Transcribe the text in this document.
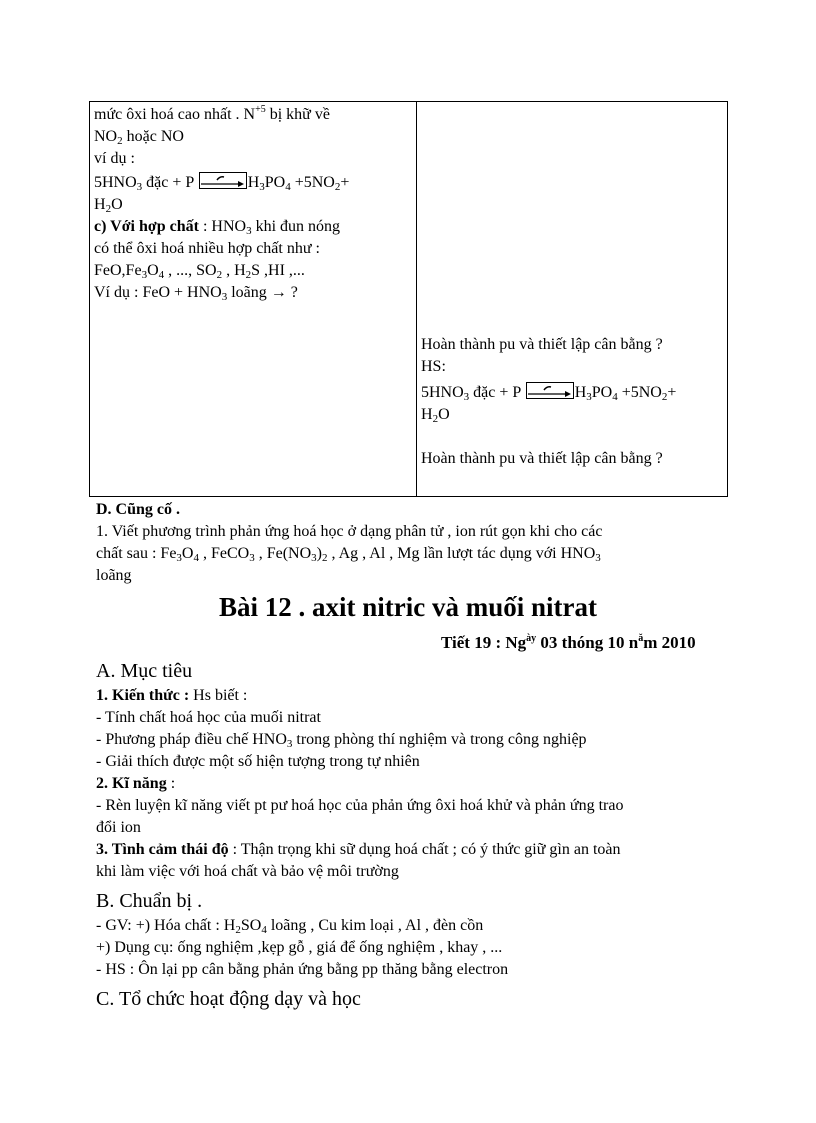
mức ôxi hoá cao nhất . $N^{+5}$ bị khữ về
$NO_2$ hoặc NO
ví dụ :
$5HNO_3$ đặc + P	$H_3PO_4 +5NO_2+$
$H_2O$
c) Với hợp chất : $HNO_3$ khi đun nóng
có thể ôxi hoá nhiều hợp chất như :
$FeO,Fe_3O_4$ , ..., $SO_2$ , $H_2S$ ,HI ,...
Ví dụ : FeO + $HNO_3$ loãng → ?

Hoàn thành pu và thiết lập cân bằng ?
HS:
$5HNO_3$ đặc + P	$H_3PO_4 +5NO_2+$
$H_2O$
Hoàn thành pu và thiết lập cân bằng ?
D. Cũng cố .
1. Viết phương trình phản ứng hoá học ở dạng phân tử , ion rút gọn khi cho các
chất sau : $Fe_3O_4$ , FeCO$_3$ , $Fe(NO_3)_2$ , Ag , Al , Mg lần lượt tác dụng với $HNO_3$
loãng
Bài 12 . axit nitric và muối nitrat
Tiết 19 : $Ng^{ày}$ 03 thóng 10 $n^ăm$ 2010
A. Mục tiêu
1. Kiến thức : Hs biết :
- Tính chất hoá học của muối nitrat
- Phương pháp điều chế $HNO_3$ trong phòng thí nghiệm và trong công nghiệp
- Giải thích được một số hiện tượng trong tự nhiên
2. Kĩ năng :
- Rèn luyện kĩ năng viết pt pư hoá học của phản ứng ôxi hoá khử và phản ứng trao
đổi ion
3. Tình cảm thái độ : Thận trọng khi sữ dụng hoá chất ; có ý thức giữ gìn an toàn
khi làm việc với hoá chất và bảo vệ môi trường
B. Chuẩn bị .
- GV: +) Hóa chất : $H_2SO_4$ loãng , Cu kim loại , Al , đèn cồn
+) Dụng cụ: ống nghiệm ,kẹp gỗ , giá để ống nghiệm , khay , ...
- HS : Ôn lại pp cân bằng phản ứng bằng pp thăng bằng electron
C. Tổ chức hoạt động dạy và học
